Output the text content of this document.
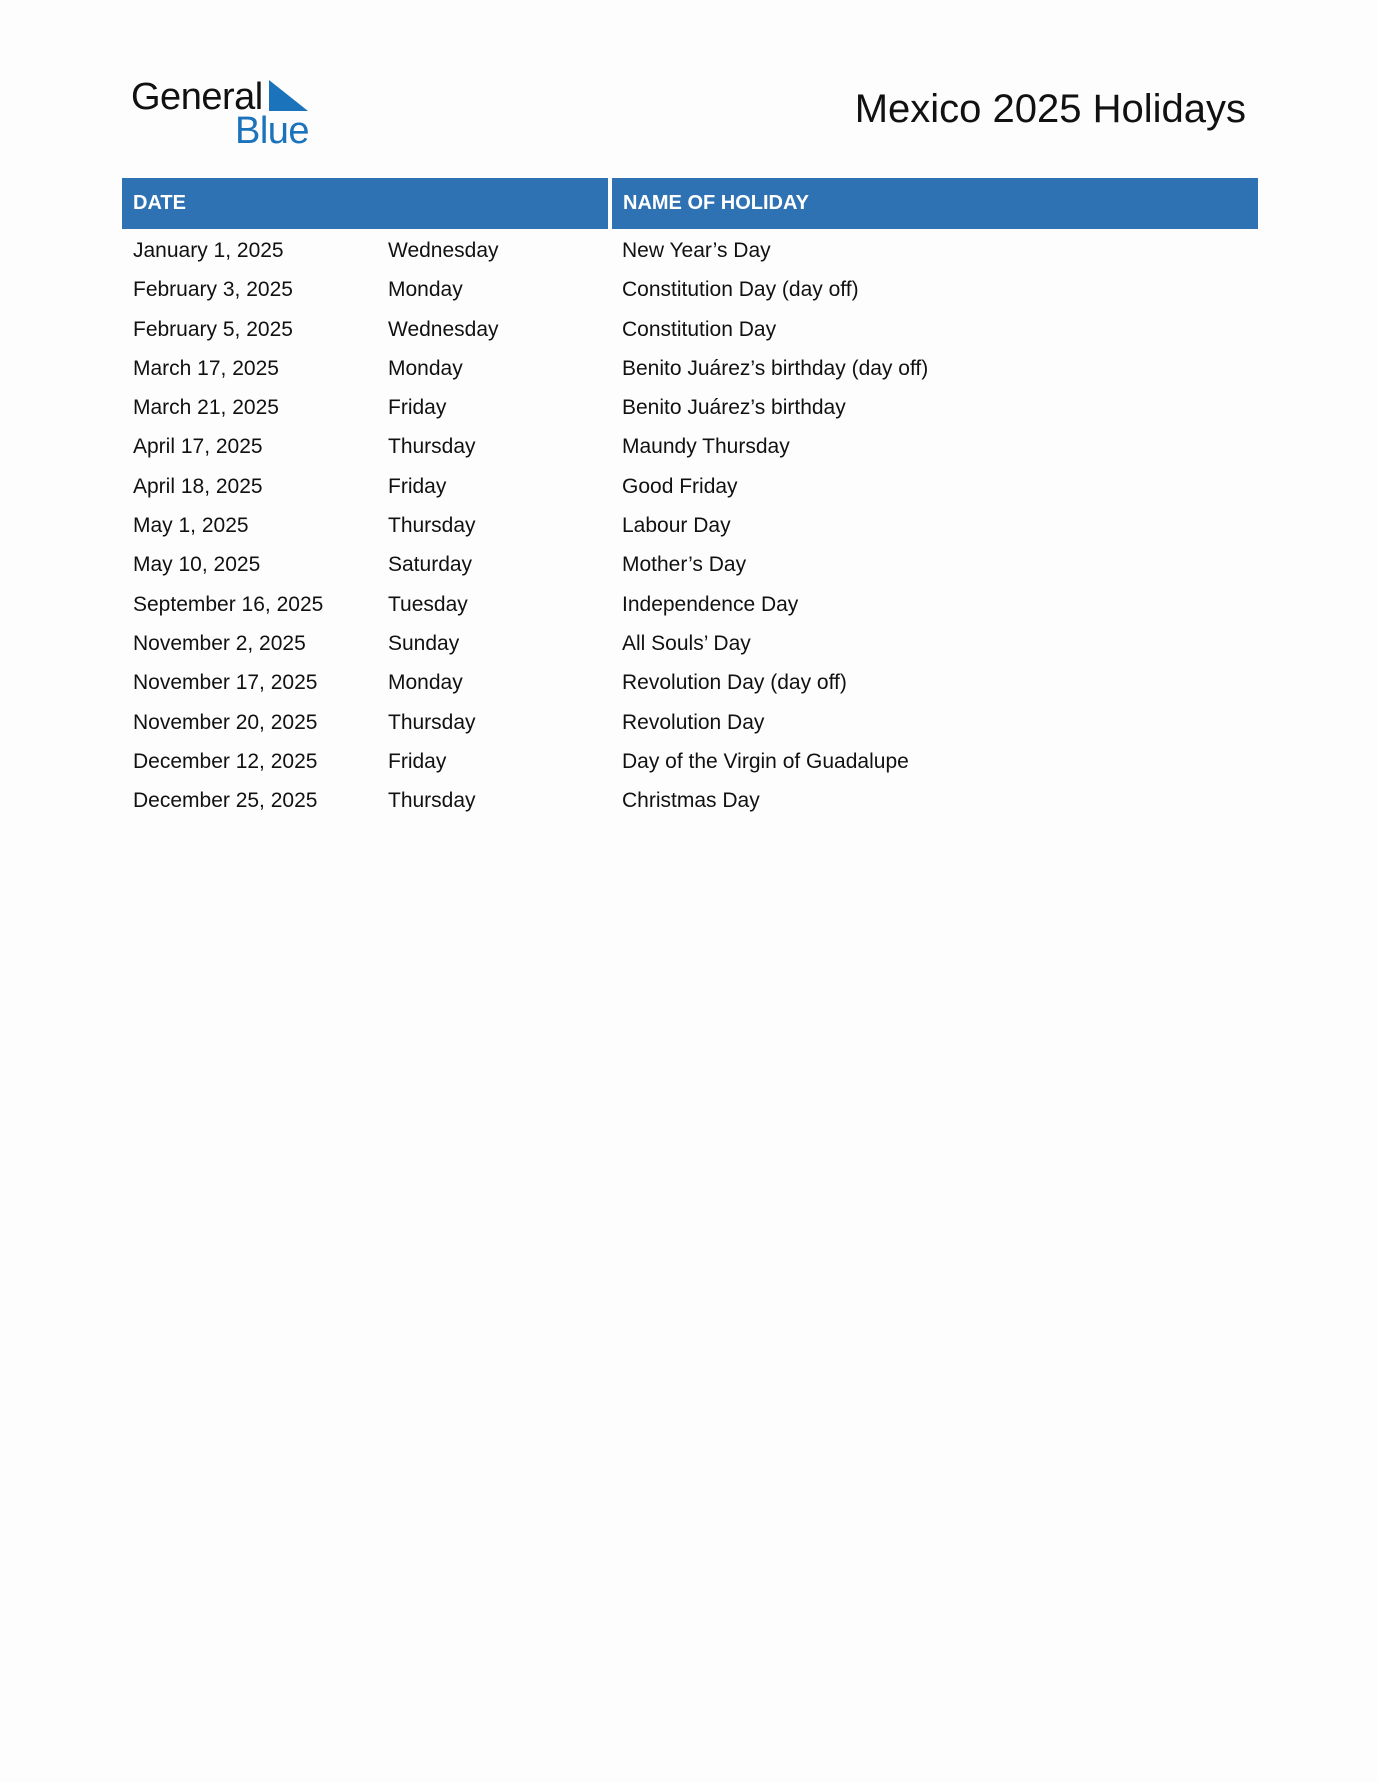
General
Blue	Mexico 2025 Holidays
DATE	NAME OF HOLIDAY
January 1, 2025	Wednesday	New Year’s Day
February 3, 2025	Monday	Constitution Day (day off)
February 5, 2025	Wednesday	Constitution Day
March 17, 2025	Monday	Benito Juárez’s birthday (day off)
March 21, 2025	Friday	Benito Juárez’s birthday
April 17, 2025	Thursday	Maundy Thursday
April 18, 2025	Friday	Good Friday
May 1, 2025	Thursday	Labour Day
May 10, 2025	Saturday	Mother’s Day
September 16, 2025	Tuesday	Independence Day
November 2, 2025	Sunday	All Souls’ Day
November 17, 2025	Monday	Revolution Day (day off)
November 20, 2025	Thursday	Revolution Day
December 12, 2025	Friday	Day of the Virgin of Guadalupe
December 25, 2025	Thursday	Christmas Day
